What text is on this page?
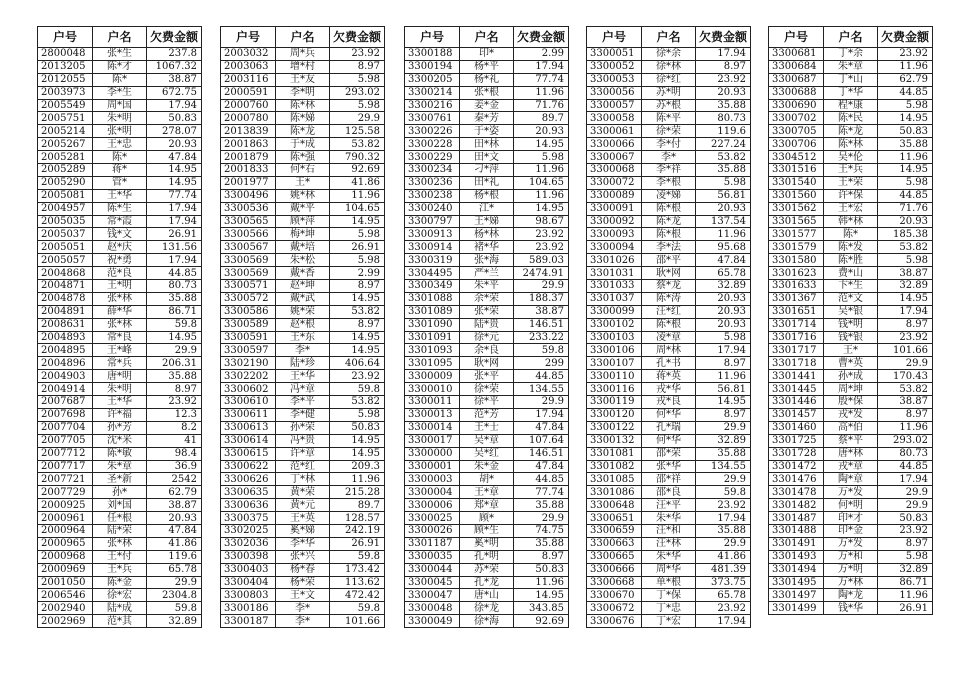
户号	户名	欠费金额
2800048	张*生	237.8
2013205	陈*才	1067.32
2012055	陈*	38.87
2003973	李*生	672.75
2005549	周*国	17.94
2005751	朱*明	50.83
2005214	张*明	278.07
2005267	王*忠	20.93
2005281	陈*	47.84
2005289	蒋*	14.95
2005290	管*	14.95
2005081	王*华	77.74
2004957	陈*生	17.94
2005035	常*霞	17.94
2005037	钱*文	26.91
2005051	赵*庆	131.56
2005057	祝*勇	17.94
2004868	范*良	44.85
2004871	王*明	80.73
2004878	张*林	35.88
2004891	薛*华	86.71
2008631	张*林	59.8
2004893	常*良	14.95
2004895	王*峰	29.9
2004896	常*兵	206.31
2004903	唐*明	35.88
2004914	朱*明	8.97
2007687	王*华	23.92
2007698	许*福	12.3
2007704	孙*芳	8.2
2007705	沈*米	41
2007712	陈*敏	98.4
2007717	朱*章	36.9
2007721	圣*新	2542
2007729	孙*	62.79
2000925	刘*国	38.87
2000961	任*根	20.93
2000964	陆*荣	47.84
2000965	张*林	41.86
2000968	王*付	119.6
2000969	王*兵	65.78
2001050	陈*金	29.9
2006546	徐*宏	2304.8
2002940	陆*成	59.8
2002969	范*其	32.89
户号	户名	欠费金额
2003032	周*兵	23.92
2003063	增*村	8.97
2003116	王*友	5.98
2000591	李*明	293.02
2000760	陈*林	5.98
2000780	陈*娣	29.9
2013839	陈*龙	125.58
2001863	于*成	53.82
2001879	陈*强	790.32
2001833	何*右	92.69
2001977	王*	41.86
3300496	姚*林	11.96
3300536	戴*平	104.65
3300565	顾*萍	14.95
3300566	梅*坤	5.98
3300567	戴*培	26.91
3300569	朱*松	5.98
3300569	戴*香	2.99
3300571	赵*坤	8.97
3300572	戴*武	14.95
3300586	姚*荣	53.82
3300589	赵*根	8.97
3300591	王*东	14.95
3300597	李*	14.95
3302190	陆*珍	406.64
3302202	王*华	23.92
3300602	冯*章	59.8
3300610	李*平	53.82
3300611	李*健	5.98
3300613	孙*荣	50.83
3300614	冯*贵	14.95
3300615	许*章	14.95
3300622	范*红	209.3
3300626	丁*林	11.96
3300635	黄*荣	215.28
3300636	黄*元	89.7
3300375	王*英	128.57
3302025	奚*娣	242.19
3302036	李*华	26.91
3300398	张*兴	59.8
3300403	杨*春	173.42
3300404	杨*荣	113.62
3300803	王*文	472.42
3300186	李*	59.8
3300187	李*	101.66
户号	户名	欠费金额
3300188	印*	2.99
3300194	杨*平	17.94
3300205	杨*礼	77.74
3300214	张*根	11.96
3300216	姜*金	71.76
3300761	秦*芳	89.7
3300226	于*姿	20.93
3300228	田*林	14.95
3300229	田*文	5.98
3300234	刁*萍	11.96
3300236	田*礼	104.65
3300238	杨*根	11.96
3300240	江*	14.95
3300797	王*娣	98.67
3300913	杨*林	23.92
3300914	褚*华	23.92
3300319	张*海	589.03
3304495	严*兰	2474.91
3300349	朱*平	29.9
3301088	余*荣	188.37
3301089	张*荣	38.87
3301090	陆*贵	146.51
3301091	徐*元	233.22
3301093	余*良	59.8
3301095	耿*网	299
3300009	张*平	44.85
3300010	徐*荣	134.55
3300011	徐*平	29.9
3300013	范*芳	17.94
3300014	王*士	47.84
3300017	吴*章	107.64
3300000	吴*红	146.51
3300001	朱*金	47.84
3300003	胡*	44.85
3300004	王*章	77.74
3300006	郑*章	35.88
3300025	顾*	29.9
3300026	顾*生	74.75
3301187	奚*明	35.88
3300035	孔*明	8.97
3300044	苏*荣	50.83
3300045	孔*龙	11.96
3300047	唐*山	14.95
3300048	徐*龙	343.85
3300049	徐*海	92.69
户号	户名	欠费金额
3300051	徐*余	17.94
3300052	徐*林	8.97
3300053	徐*红	23.92
3300056	苏*明	20.93
3300057	苏*根	35.88
3300058	陈*平	80.73
3300061	徐*荣	119.6
3300066	李*付	227.24
3300067	李*	53.82
3300068	李*祥	35.88
3300072	李*根	5.98
3300089	凌*娣	56.81
3300091	陈*根	20.93
3300092	陈*龙	137.54
3300093	陈*根	11.96
3300094	李*法	95.68
3301026	邵*平	47.84
3301031	耿*网	65.78
3301033	蔡*龙	32.89
3301037	陈*涛	20.93
3300099	汪*红	20.93
3300102	陈*根	20.93
3300103	凌*章	5.98
3300106	周*林	17.94
3300107	孔*书	8.97
3300110	蒋*英	11.96
3300116	戎*华	56.81
3300119	戎*良	14.95
3300120	何*华	8.97
3300122	孔*瑞	29.9
3300132	何*华	32.89
3301081	邵*荣	35.88
3301082	张*华	134.55
3301085	邵*祥	29.9
3301086	邵*良	59.8
3300648	汪*平	23.92
3300651	朱*华	17.94
3300659	汪*和	35.88
3300663	汪*林	29.9
3300665	朱*华	41.86
3300666	周*华	481.39
3300668	单*根	373.75
3300670	丁*保	65.78
3300672	丁*忠	23.92
3300676	丁*宏	17.94
户号	户名	欠费金额
3300681	丁*余	23.92
3300684	朱*章	11.96
3300687	丁*山	62.79
3300688	丁*华	44.85
3300690	程*康	5.98
3300702	陈*民	14.95
3300705	陈*龙	50.83
3300706	陈*林	35.88
3304512	吴*伦	11.96
3301516	王*兵	14.95
3301540	王*荣	5.98
3301560	许*保	44.85
3301562	王*宏	71.76
3301565	韩*林	20.93
3301577	陈*	185.38
3301579	陈*发	53.82
3301580	陈*胜	5.98
3301623	费*山	38.87
3301633	卞*生	32.89
3301367	范*文	14.95
3301651	吴*银	17.94
3301714	钱*明	8.97
3301716	钱*银	23.92
3301717	王*	101.66
3301718	曹*英	29.9
3301441	孙*成	170.43
3301445	周*坤	53.82
3301446	殷*保	38.87
3301457	戎*发	8.97
3301460	高*伯	11.96
3301725	蔡*平	293.02
3301728	唐*林	80.73
3301472	戎*章	44.85
3301476	陶*章	17.94
3301478	万*发	29.9
3301482	何*明	29.9
3301487	印*才	50.83
3301488	印*金	23.92
3301491	万*发	8.97
3301493	万*和	5.98
3301494	万*明	32.89
3301495	万*林	86.71
3301497	陶*龙	11.96
3301499	钱*华	26.91
